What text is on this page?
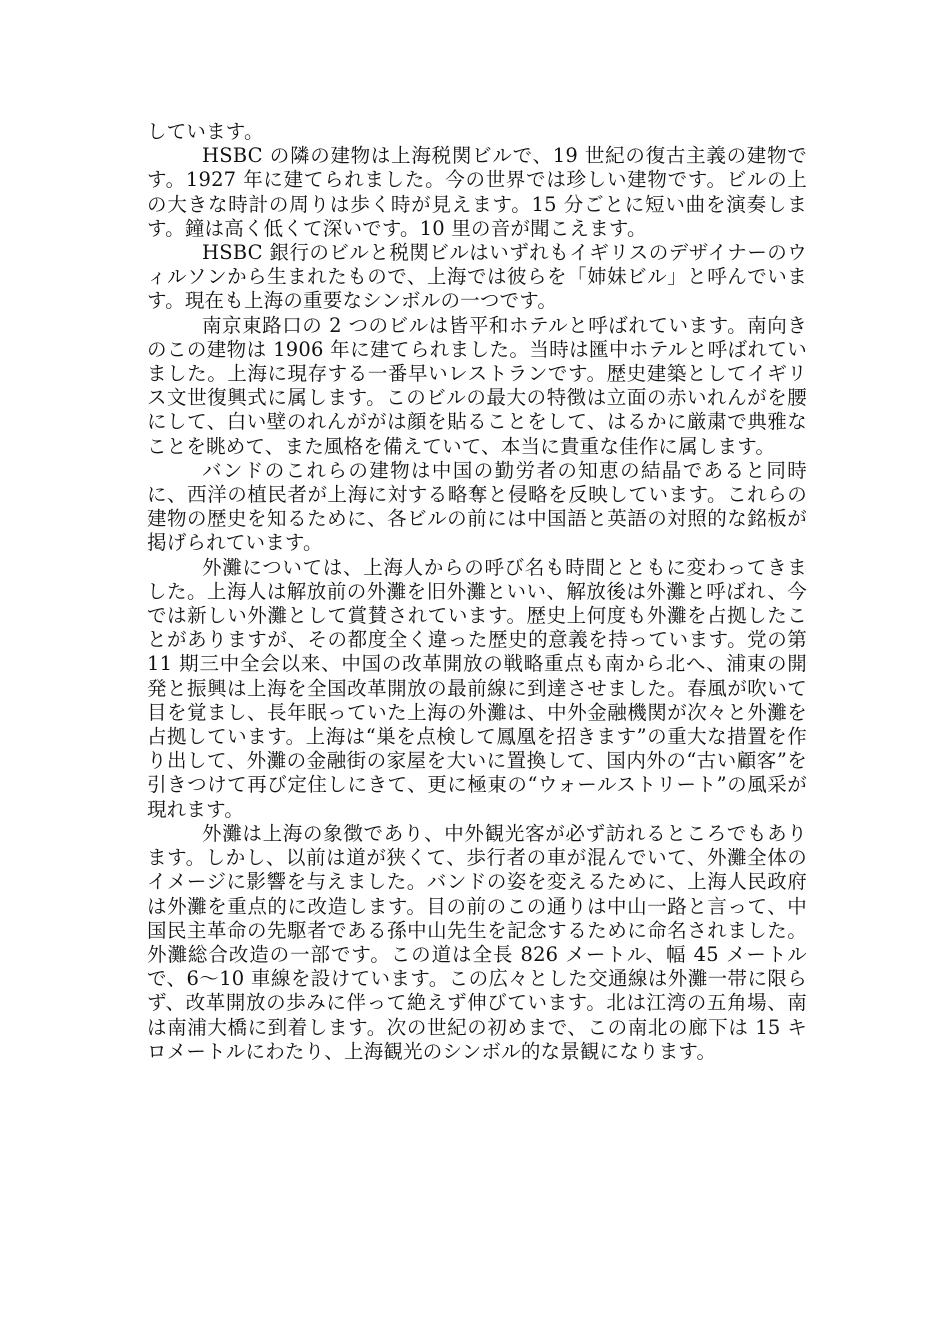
しています。

HSBC の隣の建物は上海税関ビルで、19 世紀の復古主義の建物です。1927 年に建てられました。今の世界では珍しい建物です。ビルの上の大きな時計の周りは歩く時が見えます。15 分ごとに短い曲を演奏します。鐘は高く低くて深いです。10 里の音が聞こえます。

HSBC 銀行のビルと税関ビルはいずれもイギリスのデザイナーのウィルソンから生まれたもので、上海では彼らを「姉妹ビル」と呼んでいます。現在も上海の重要なシンボルの一つです。

南京東路口の 2 つのビルは皆平和ホテルと呼ばれています。南向きのこの建物は 1906 年に建てられました。当時は匯中ホテルと呼ばれていました。上海に現存する一番早いレストランです。歴史建築としてイギリス文世復興式に属します。このビルの最大の特徴は立面の赤いれんがを腰にして、白い壁のれんががは顔を貼ることをして、はるかに厳粛で典雅なことを眺めて、また風格を備えていて、本当に貴重な佳作に属します。

バンドのこれらの建物は中国の勤労者の知恵の結晶であると同時に、西洋の植民者が上海に対する略奪と侵略を反映しています。これらの建物の歴史を知るために、各ビルの前には中国語と英語の対照的な銘板が掲げられています。

外灘については、上海人からの呼び名も時間とともに変わってきました。上海人は解放前の外灘を旧外灘といい、解放後は外灘と呼ばれ、今では新しい外灘として賞賛されています。歴史上何度も外灘を占拠したことがありますが、その都度全く違った歴史的意義を持っています。党の第 11 期三中全会以来、中国の改革開放の戦略重点も南から北へ、浦東の開発と振興は上海を全国改革開放の最前線に到達させました。春風が吹いて目を覚まし、長年眠っていた上海の外灘は、中外金融機関が次々と外灘を占拠しています。上海は“巣を点検して鳳凰を招きます”の重大な措置を作り出して、外灘の金融街の家屋を大いに置換して、国内外の“古い顧客”を引きつけて再び定住しにきて、更に極東の“ウォールストリート”の風采が現れます。

外灘は上海の象徴であり、中外観光客が必ず訪れるところでもあります。しかし、以前は道が狭くて、歩行者の車が混んでいて、外灘全体のイメージに影響を与えました。バンドの姿を変えるために、上海人民政府は外灘を重点的に改造します。目の前のこの通りは中山一路と言って、中国民主革命の先駆者である孫中山先生を記念するために命名されました。外灘総合改造の一部です。この道は全長 826 メートル、幅 45 メートルで、6～10 車線を設けています。この広々とした交通線は外灘一帯に限らず、改革開放の歩みに伴って絶えず伸びています。北は江湾の五角場、南は南浦大橋に到着します。次の世紀の初めまで、この南北の廊下は 15 キロメートルにわたり、上海観光のシンボル的な景観になります。
